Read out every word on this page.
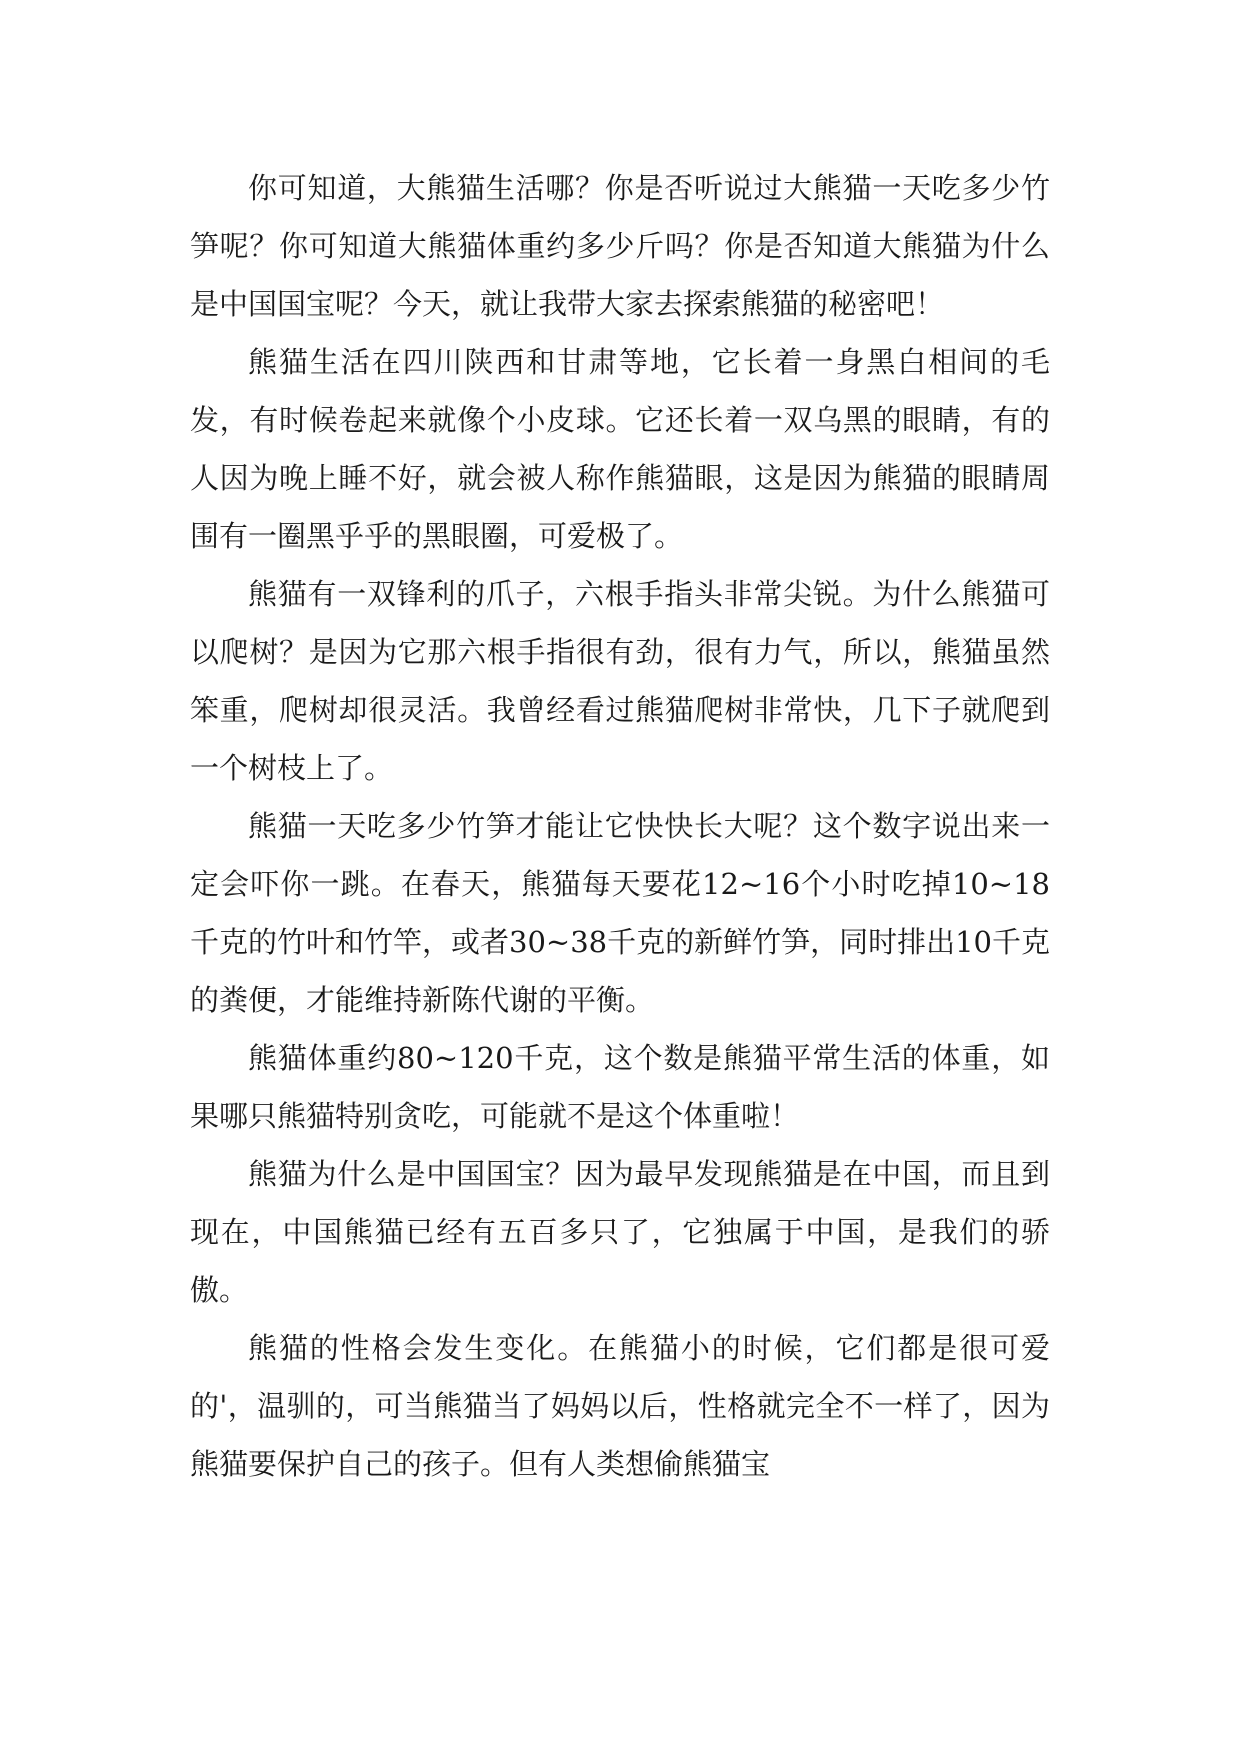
你可知道，大熊猫生活哪？你是否听说过大熊猫一天吃多少竹笋呢？你可知道大熊猫体重约多少斤吗？你是否知道大熊猫为什么是中国国宝呢？今天，就让我带大家去探索熊猫的秘密吧！

熊猫生活在四川陕西和甘肃等地，它长着一身黑白相间的毛发，有时候卷起来就像个小皮球。它还长着一双乌黑的眼睛，有的人因为晚上睡不好，就会被人称作熊猫眼，这是因为熊猫的眼睛周围有一圈黑乎乎的黑眼圈，可爱极了。

熊猫有一双锋利的爪子，六根手指头非常尖锐。为什么熊猫可以爬树？是因为它那六根手指很有劲，很有力气，所以，熊猫虽然笨重，爬树却很灵活。我曾经看过熊猫爬树非常快，几下子就爬到一个树枝上了。

熊猫一天吃多少竹笋才能让它快快长大呢？这个数字说出来一定会吓你一跳。在春天，熊猫每天要花12~16个小时吃掉10~18千克的竹叶和竹竿，或者30~38千克的新鲜竹笋，同时排出10千克的粪便，才能维持新陈代谢的平衡。

熊猫体重约80~120千克，这个数是熊猫平常生活的体重，如果哪只熊猫特别贪吃，可能就不是这个体重啦！

熊猫为什么是中国国宝？因为最早发现熊猫是在中国，而且到现在，中国熊猫已经有五百多只了，它独属于中国，是我们的骄傲。

熊猫的性格会发生变化。在熊猫小的时候，它们都是很可爱的'，温驯的，可当熊猫当了妈妈以后，性格就完全不一样了，因为熊猫要保护自己的孩子。但有人类想偷熊猫宝
